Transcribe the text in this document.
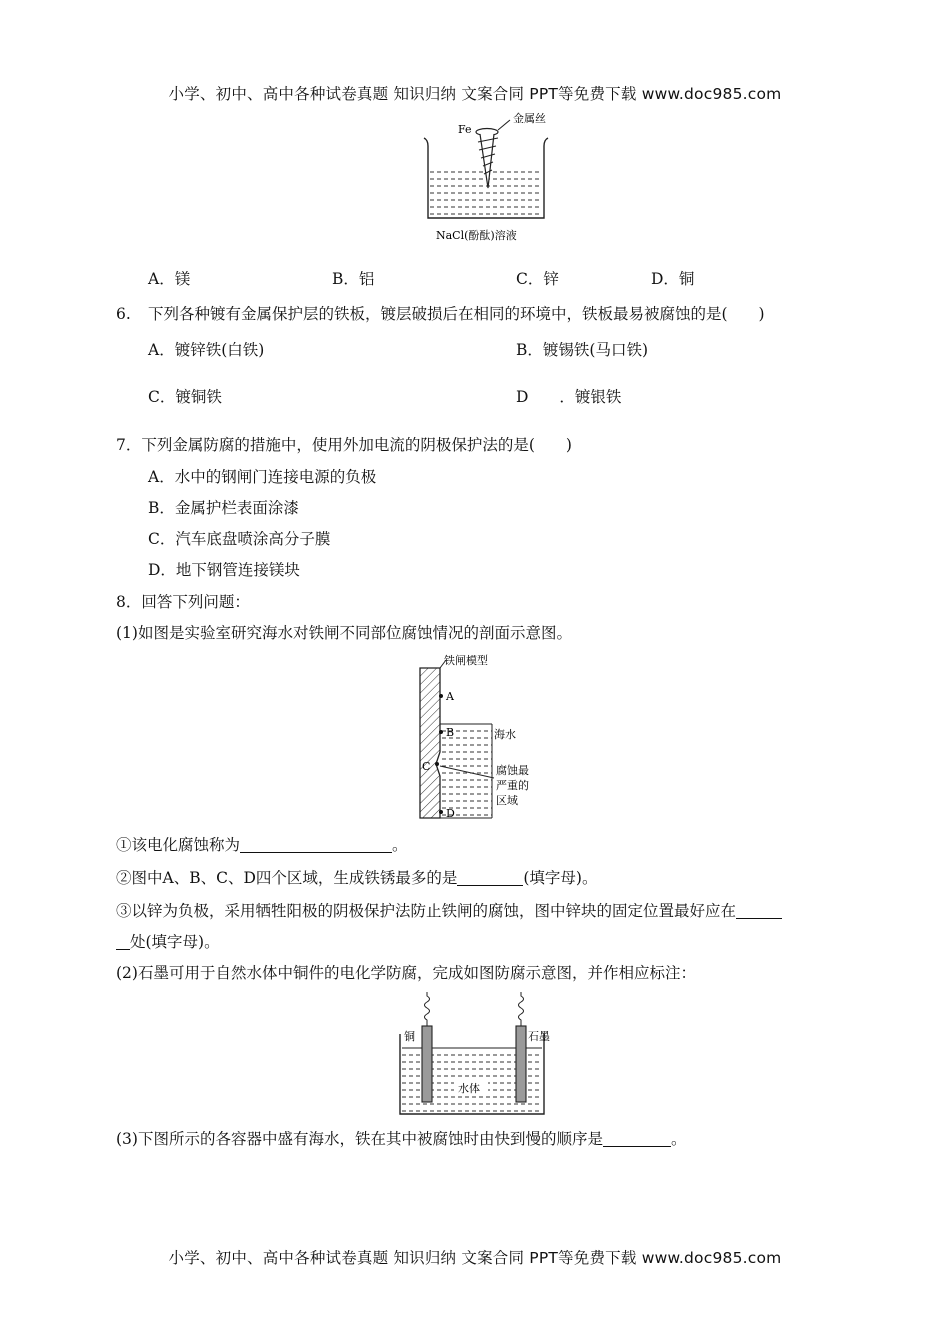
小学、初中、高中各种试卷真题 知识归纳 文案合同 PPT等免费下载 www.doc985.com
Fe
金属丝
NaCl(酚酞)溶液
A．镁	B．铝	C．锌	D．铜
6. 下列各种镀有金属保护层的铁板，镀层破损后在相同的环境中，铁板最易被腐蚀的是(　　)
A．镀锌铁(白铁)	B．镀锡铁(马口铁)
C．镀铜铁	D　　．镀银铁
7．下列金属防腐的措施中，使用外加电流的阴极保护法的是(　　)
A．水中的钢闸门连接电源的负极
B．金属护栏表面涂漆
C．汽车底盘喷涂高分子膜
D．地下钢管连接镁块
8．回答下列问题：
(1)如图是实验室研究海水对铁闸不同部位腐蚀情况的剖面示意图。
铁闸模型
A
B
C
D
海水
腐蚀最
严重的
区域
①该电化腐蚀称为	。
②图中A、B、C、D四个区域，生成铁锈最多的是	(填字母)。
③以锌为负极，采用牺牲阳极的阴极保护法防止铁闸的腐蚀，图中锌块的固定位置最好应在
处(填字母)。
(2)石墨可用于自然水体中铜件的电化学防腐，完成如图防腐示意图，并作相应标注：
铜	石墨
水体
(3)下图所示的各容器中盛有海水，铁在其中被腐蚀时由快到慢的顺序是	。
小学、初中、高中各种试卷真题 知识归纳 文案合同 PPT等免费下载 www.doc985.com
